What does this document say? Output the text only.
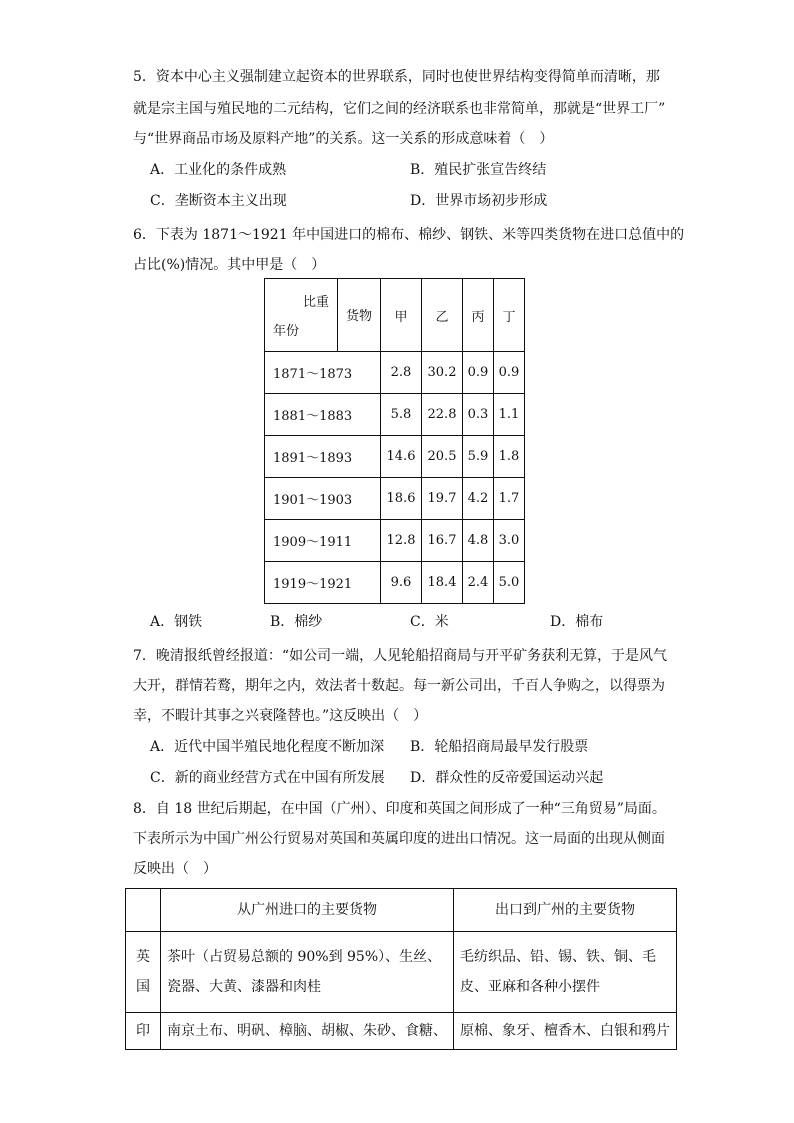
5．资本中心主义强制建立起资本的世界联系，同时也使世界结构变得简单而清晰，那
就是宗主国与殖民地的二元结构，它们之间的经济联系也非常简单，那就是“世界工厂”
与“世界商品市场及原料产地”的关系。这一关系的形成意味着（　）
A．工业化的条件成熟	B．殖民扩张宣告终结
C．垄断资本主义出现	D．世界市场初步形成
6．下表为 1871～1921 年中国进口的棉布、棉纱、钢铁、米等四类货物在进口总值中的
占比(%)情况。其中甲是（　）
比重
年份	货物	甲	乙	丙	丁
1871～1873		2.8	30.2	0.9	0.9
1881～1883		5.8	22.8	0.3	1.1
1891～1893		14.6	20.5	5.9	1.8
1901～1903		18.6	19.7	4.2	1.7
1909～1911		12.8	16.7	4.8	3.0
1919～1921		9.6	18.4	2.4	5.0
A．钢铁	B．棉纱	C．米	D．棉布
7．晚清报纸曾经报道：“如公司一端，人见轮船招商局与开平矿务获利无算，于是风气
大开，群情若鹜，期年之内，效法者十数起。每一新公司出，千百人争购之，以得票为
幸，不暇计其事之兴衰隆替也。”这反映出（　）
A．近代中国半殖民地化程度不断加深 B．轮船招商局最早发行股票
C．新的商业经营方式在中国有所发展 D．群众性的反帝爱国运动兴起
8．自 18 世纪后期起，在中国（广州）、印度和英国之间形成了一种“三角贸易”局面。
下表所示为中国广州公行贸易对英国和英属印度的进出口情况。这一局面的出现从侧面
反映出（　）
	从广州进口的主要货物	出口到广州的主要货物
英国	茶叶（占贸易总额的 90%到 95%）、生丝、瓷器、大黄、漆器和肉桂	毛纺织品、铅、锡、铁、铜、毛皮、亚麻和各种小摆件
印	南京土布、明矾、樟脑、胡椒、朱砂、食糖、	原棉、象牙、檀香木、白银和鸦片
